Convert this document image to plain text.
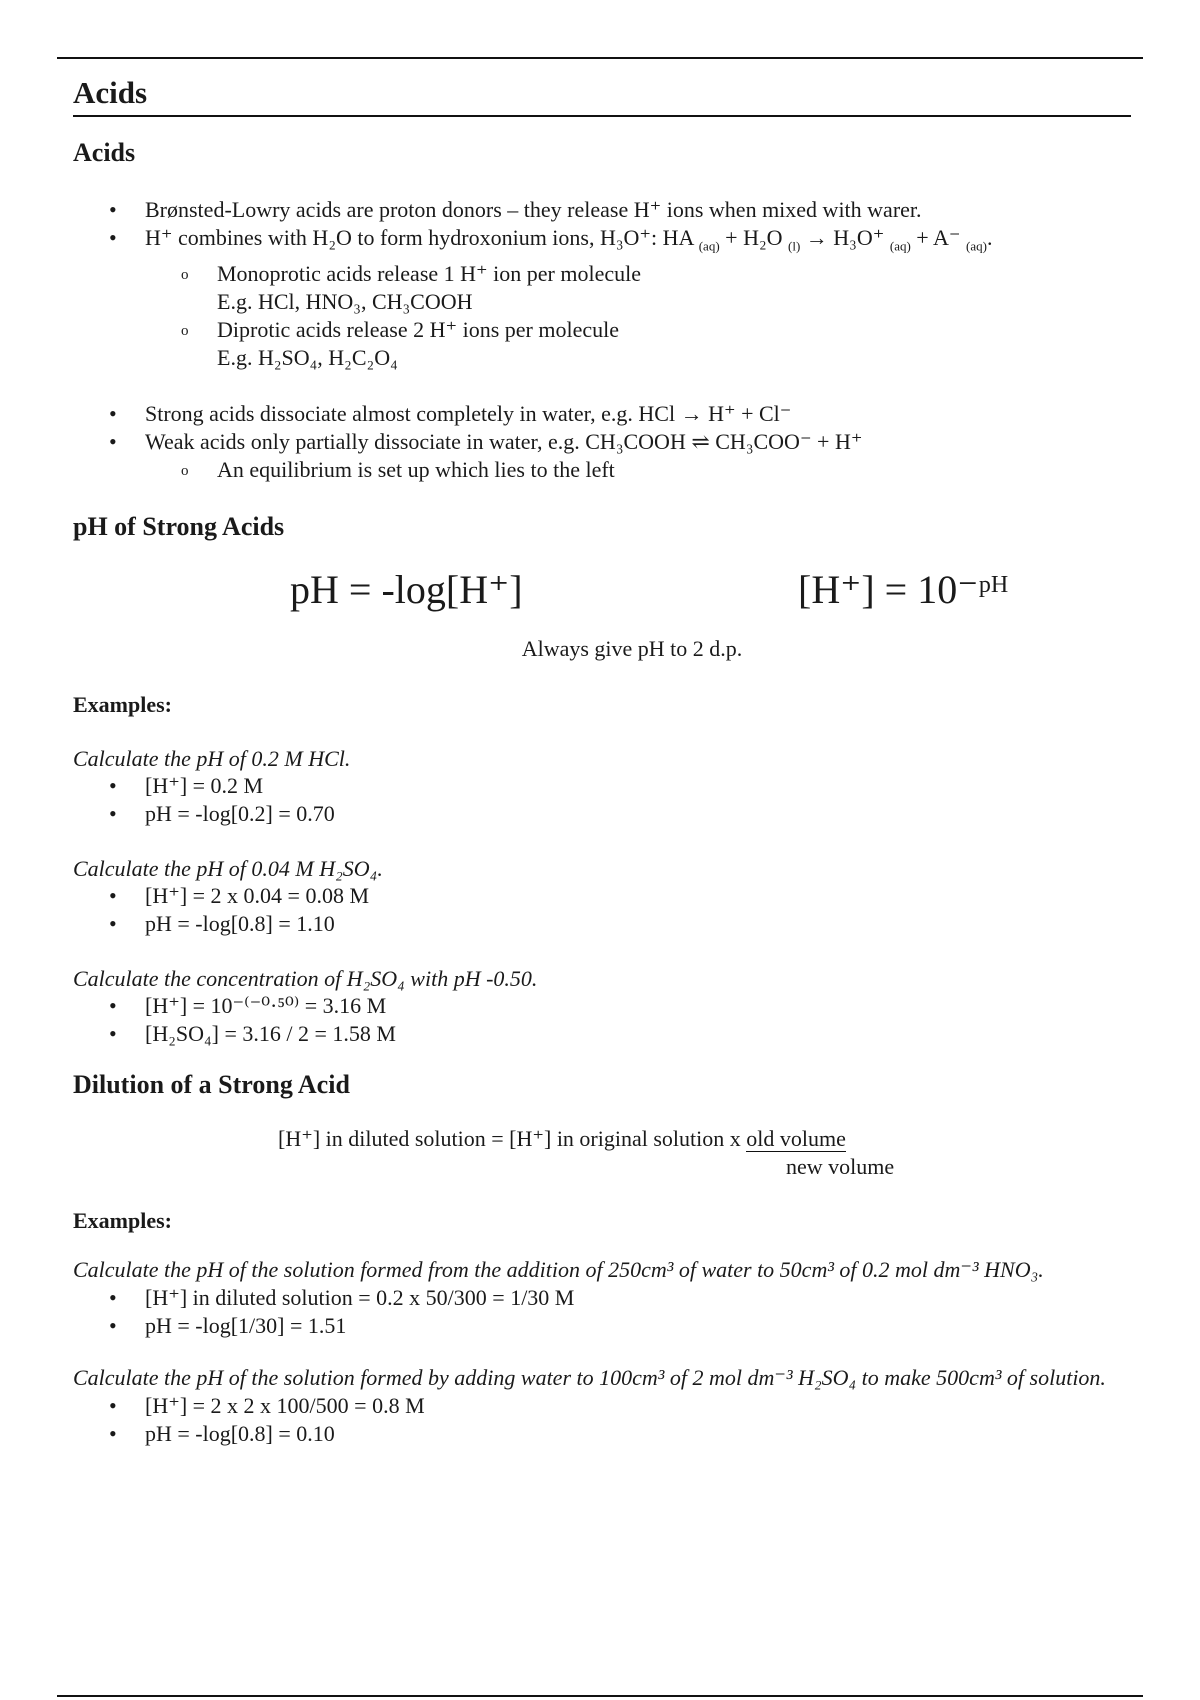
Acids
Acids
• Brønsted-Lowry acids are proton donors – they release H⁺ ions when mixed with warer.
• H⁺ combines with H₂O to form hydroxonium ions, H₃O⁺: HA $_{(aq)}$ + H₂O $_{(l)}$ → H₃O⁺ $_{(aq)}$ + A⁻ $_{(aq)}$.
o Monoprotic acids release 1 H⁺ ion per molecule
E.g. HCl, HNO₃, CH₃COOH
o Diprotic acids release 2 H⁺ ions per molecule
E.g. H₂SO₄, H₂C₂O₄
• Strong acids dissociate almost completely in water, e.g. HCl → H⁺ + Cl⁻
• Weak acids only partially dissociate in water, e.g. CH₃COOH ⇌ CH₃COO⁻ + H⁺
o An equilibrium is set up which lies to the left
pH of Strong Acids
pH = -log[H⁺]	[H⁺] = 10⁻ᵖᴴ
Always give pH to 2 d.p.
Examples:
Calculate the pH of 0.2 M HCl.
• [H⁺] = 0.2 M
• pH = -log[0.2] = 0.70
Calculate the pH of 0.04 M H₂SO₄.
• [H⁺] = 2 x 0.04 = 0.08 M
• pH = -log[0.8] = 1.10
Calculate the concentration of H₂SO₄ with pH -0.50.
• [H⁺] = 10⁻⁽⁻⁰·⁵⁰⁾ = 3.16 M
• [H₂SO₄] = 3.16 / 2 = 1.58 M
Dilution of a Strong Acid
[H⁺] in diluted solution = [H⁺] in original solution x old volume
new volume
Examples:
Calculate the pH of the solution formed from the addition of 250cm³ of water to 50cm³ of 0.2 mol dm⁻³ HNO₃.
• [H⁺] in diluted solution = 0.2 x 50/300 = 1/30 M
• pH = -log[1/30] = 1.51
Calculate the pH of the solution formed by adding water to 100cm³ of 2 mol dm⁻³ H₂SO₄ to make 500cm³ of solution.
• [H⁺] = 2 x 2 x 100/500 = 0.8 M
• pH = -log[0.8] = 0.10
